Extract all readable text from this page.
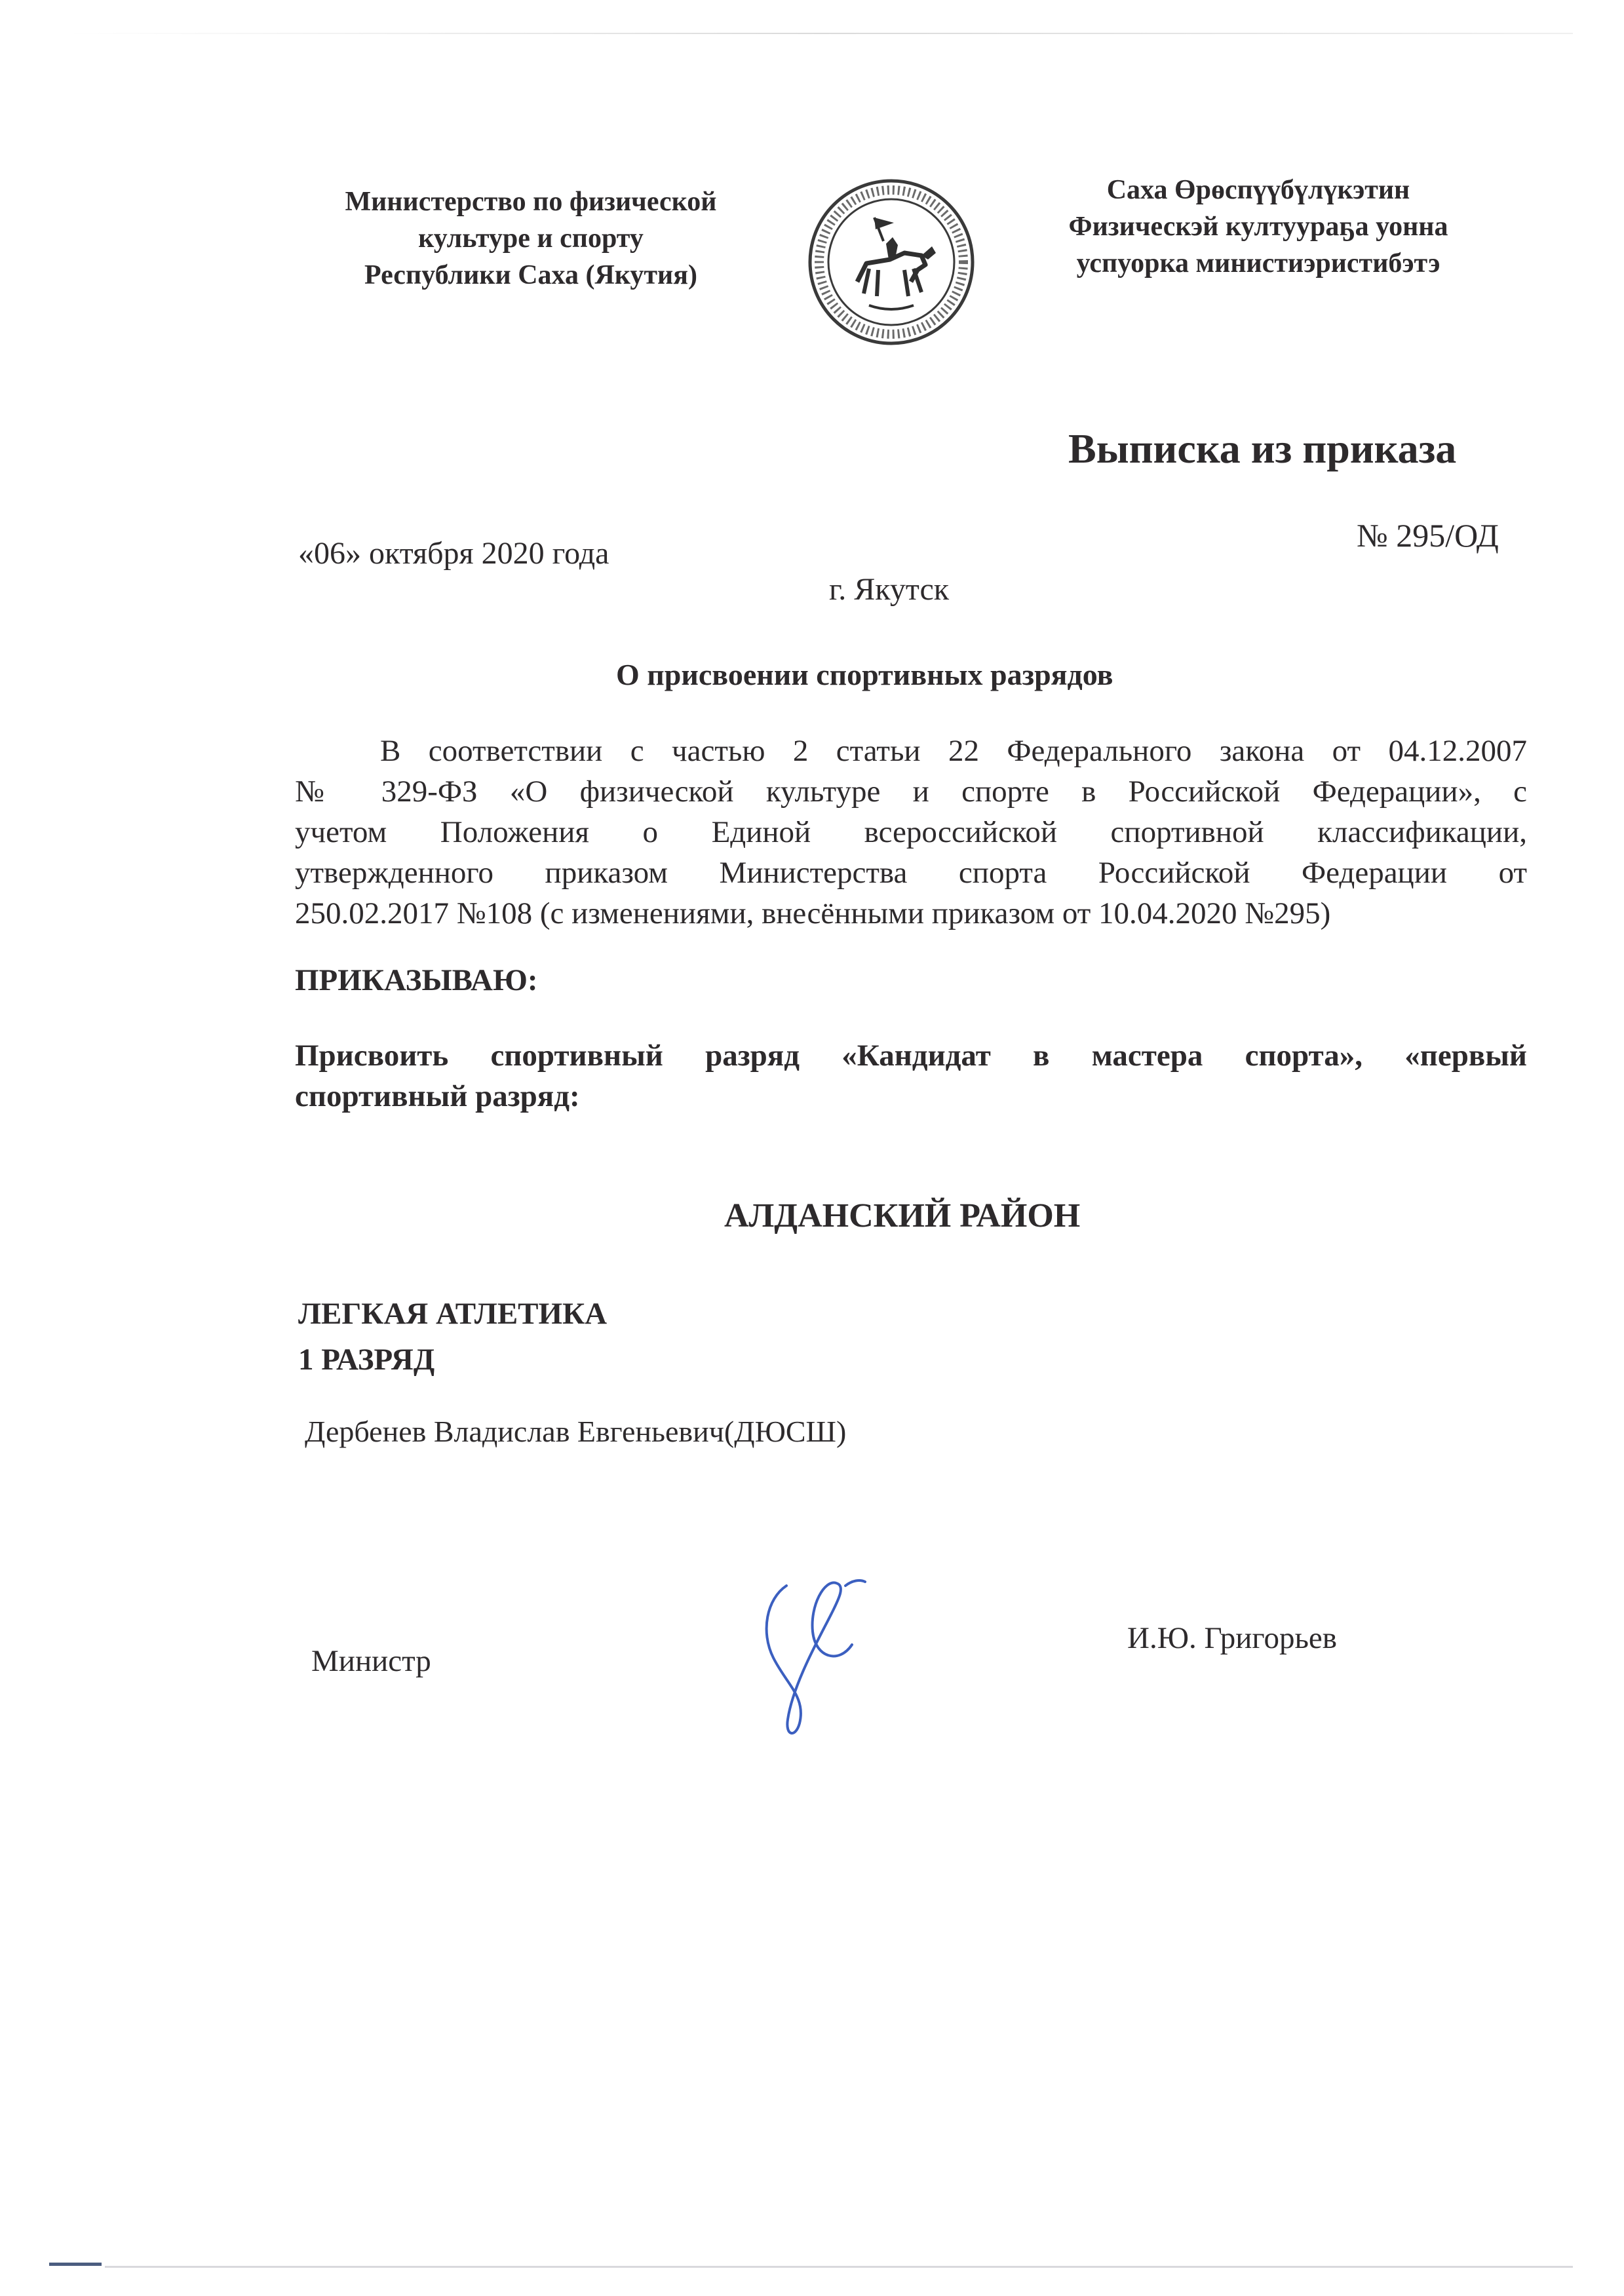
Министерство по физической
культуре и спорту
Республики Саха (Якутия)
Саха Өрөспүүбүлүкэтин
Физическэй култуураҕа уонна
успуорка министиэристибэтэ
Выписка из приказа
№ 295/ОД
«06» октября 2020 года
г. Якутск
О присвоении спортивных разрядов
В соответствии с частью 2 статьи 22 Федерального закона от 04.12.2007
№ 329-ФЗ «О физической культуре и спорте в Российской Федерации», с
учетом Положения о Единой всероссийской спортивной классификации,
утвержденного приказом Министерства спорта Российской Федерации от
250.02.2017 №108 (с изменениями, внесёнными приказом от 10.04.2020 №295)
ПРИКАЗЫВАЮ:
Присвоить спортивный разряд «Кандидат в мастера спорта», «первый
спортивный разряд:
АЛДАНСКИЙ РАЙОН
ЛЕГКАЯ АТЛЕТИКА
1 РАЗРЯД
Дербенев Владислав Евгеньевич(ДЮСШ)
Министр
И.Ю. Григорьев
